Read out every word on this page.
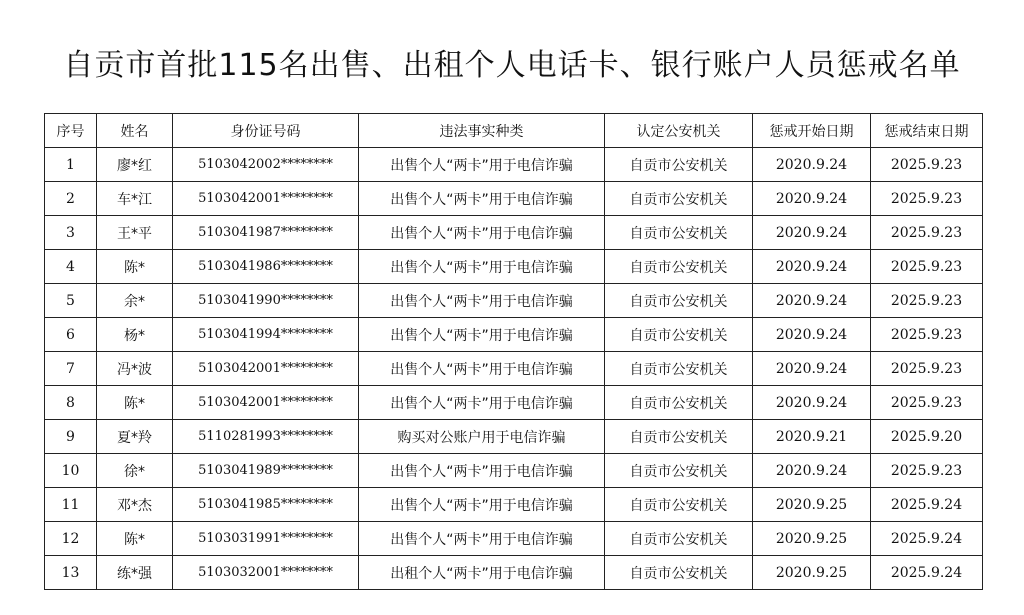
自贡市首批115名出售、出租个人电话卡、银行账户人员惩戒名单
序号	姓名	身份证号码	违法事实种类	认定公安机关	惩戒开始日期	惩戒结束日期
1	廖*红	5103042002********	出售个人“两卡”用于电信诈骗	自贡市公安机关	2020.9.24	2025.9.23
2	车*江	5103042001********	出售个人“两卡”用于电信诈骗	自贡市公安机关	2020.9.24	2025.9.23
3	王*平	5103041987********	出售个人“两卡”用于电信诈骗	自贡市公安机关	2020.9.24	2025.9.23
4	陈*	5103041986********	出售个人“两卡”用于电信诈骗	自贡市公安机关	2020.9.24	2025.9.23
5	余*	5103041990********	出售个人“两卡”用于电信诈骗	自贡市公安机关	2020.9.24	2025.9.23
6	杨*	5103041994********	出售个人“两卡”用于电信诈骗	自贡市公安机关	2020.9.24	2025.9.23
7	冯*波	5103042001********	出售个人“两卡”用于电信诈骗	自贡市公安机关	2020.9.24	2025.9.23
8	陈*	5103042001********	出售个人“两卡”用于电信诈骗	自贡市公安机关	2020.9.24	2025.9.23
9	夏*羚	5110281993********	购买对公账户用于电信诈骗	自贡市公安机关	2020.9.21	2025.9.20
10	徐*	5103041989********	出售个人“两卡”用于电信诈骗	自贡市公安机关	2020.9.24	2025.9.23
11	邓*杰	5103041985********	出售个人“两卡”用于电信诈骗	自贡市公安机关	2020.9.25	2025.9.24
12	陈*	5103031991********	出售个人“两卡”用于电信诈骗	自贡市公安机关	2020.9.25	2025.9.24
13	练*强	5103032001********	出租个人“两卡”用于电信诈骗	自贡市公安机关	2020.9.25	2025.9.24
